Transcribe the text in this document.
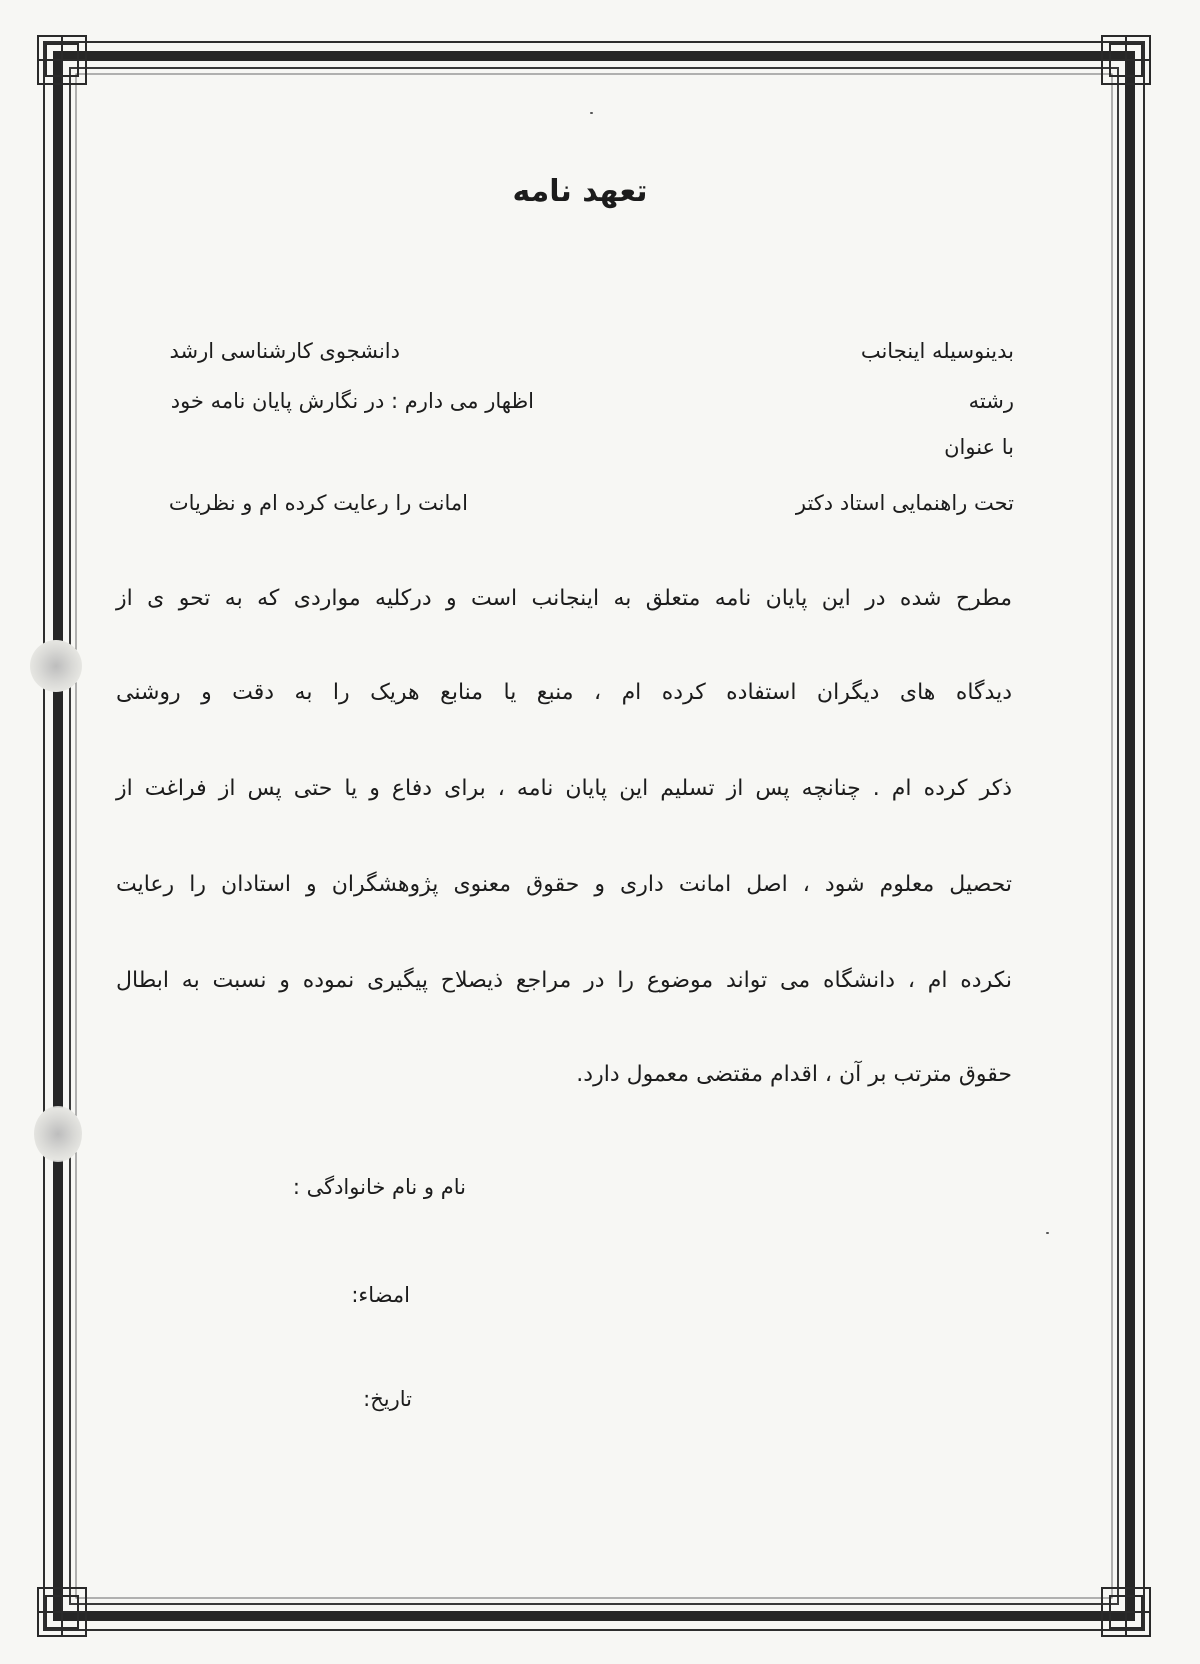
تعهد نامه
بدینوسیله اینجانب
دانشجوی کارشناسی ارشد
رشته
اظهار می دارم : در نگارش پایان نامه خود
با عنوان
تحت راهنمایی استاد دکتر
امانت را رعایت کرده ام و نظریات
مطرح شده در این پایان نامه متعلق به اینجانب است و درکلیه مواردی که به تحو ی از
دیدگاه های دیگران استفاده کرده ام ، منبع یا منابع هریک را به دقت و روشنی
ذکر کرده ام . چنانچه پس از تسلیم این پایان نامه ، برای دفاع و یا حتی پس از فراغت از
تحصیل معلوم شود ، اصل امانت داری و حقوق معنوی پژوهشگران و استادان را رعایت
نکرده ام ، دانشگاه می تواند موضوع را در مراجع ذیصلاح پیگیری نموده و نسبت به ابطال
حقوق مترتب بر آن ، اقدام مقتضی معمول دارد.
نام و نام خانوادگی :
امضاء:
تاریخ:
